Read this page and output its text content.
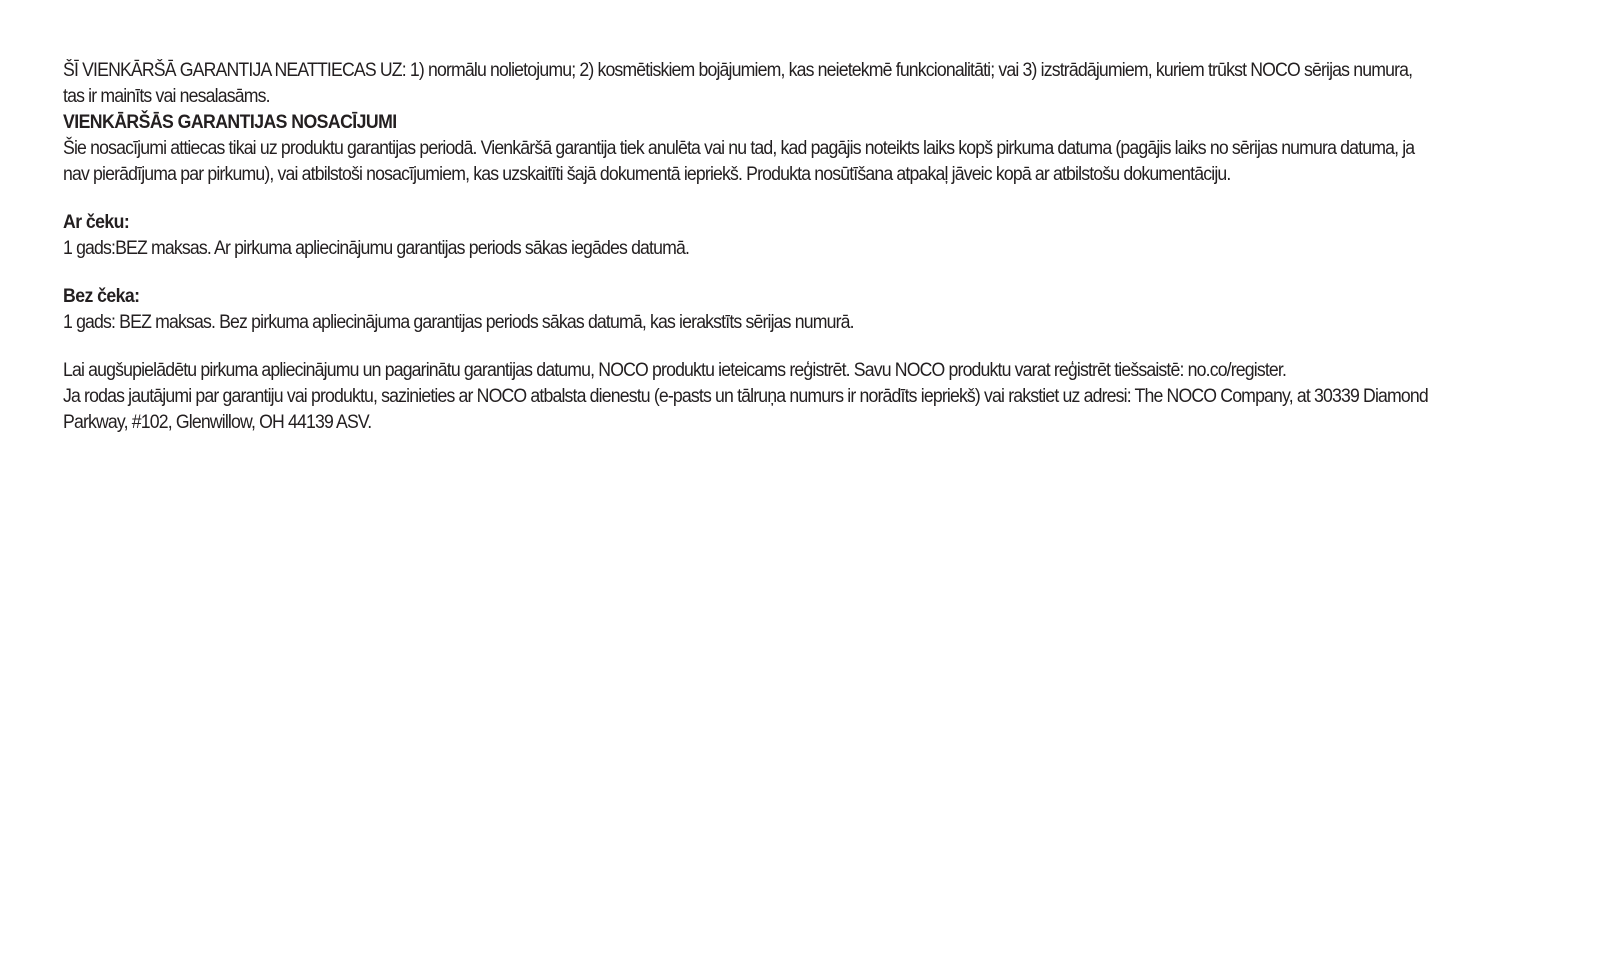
ŠĪ VIENKĀRŠĀ GARANTIJA NEATTIECAS UZ: 1) normālu nolietojumu; 2) kosmētiskiem bojājumiem, kas neietekmē funkcionalitāti; vai 3) izstrādājumiem, kuriem trūkst NOCO sērijas numura, tas ir mainīts vai nesalasāms.

VIENKĀRŠĀS GARANTIJAS NOSACĪJUMI

Šie nosacījumi attiecas tikai uz produktu garantijas periodā. Vienkāršā garantija tiek anulēta vai nu tad, kad pagājis noteikts laiks kopš pirkuma datuma (pagājis laiks no sērijas numura datuma, ja nav pierādījuma par pirkumu), vai atbilstoši nosacījumiem, kas uzskaitīti šajā dokumentā iepriekš. Produkta nosūtīšana atpakaļ jāveic kopā ar atbilstošu dokumentāciju.

Ar čeku:

1 gads:BEZ maksas. Ar pirkuma apliecinājumu garantijas periods sākas iegādes datumā.

Bez čeka:

1 gads: BEZ maksas. Bez pirkuma apliecinājuma garantijas periods sākas datumā, kas ierakstīts sērijas numurā.

Lai augšupielādētu pirkuma apliecinājumu un pagarinātu garantijas datumu, NOCO produktu ieteicams reģistrēt. Savu NOCO produktu varat reģistrēt tiešsaistē: no.co/register.

Ja rodas jautājumi par garantiju vai produktu, sazinieties ar NOCO atbalsta dienestu (e-pasts un tālruņa numurs ir norādīts iepriekš) vai rakstiet uz adresi: The NOCO Company, at 30339 Diamond Parkway, #102, Glenwillow, OH 44139 ASV.
